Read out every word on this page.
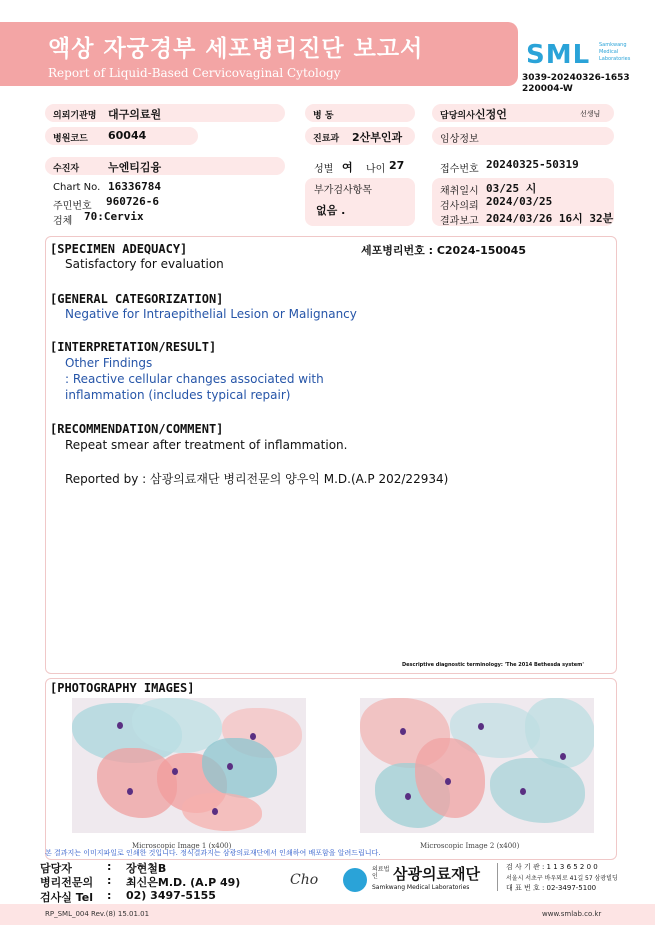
액상 자궁경부 세포병리진단 보고서
Report of Liquid-Based Cervicovaginal Cytology
SML Samkwang Medical Laboratories
3039-20240326-1653 220004-W
의뢰기관명 대구의료원
병원코드 60044
수진자	누엔티김융
Chart No. 16336784
주민번호 960726-6
검체 70:Cervix
병 동
진료과 2산부인과
성별 여 나이 27
부가검사항목
없음 .
담당의사 신정언	선생님
임상정보
접수번호 20240325-50319
채취일시 03/25 시
검사의뢰 2024/03/25
결과보고 2024/03/26 16시 32분
[SPECIMEN ADEQUACY]	세포병리번호 : C2024-150045
Satisfactory for evaluation
[GENERAL CATEGORIZATION]
Negative for Intraepithelial Lesion or Malignancy
[INTERPRETATION/RESULT]
Other Findings
: Reactive cellular changes associated with
inflammation (includes typical repair)
[RECOMMENDATION/COMMENT]
Repeat smear after treatment of inflammation.
Reported by : 삼광의료재단 병리전문의 양우익 M.D.(A.P 202/22934)
Descriptive diagnostic terminology: 'The 2014 Bethesda system'
[PHOTOGRAPHY IMAGES]
Microscopic Image 1 (x400)	Microscopic Image 2 (x400)
본 결과지는 이미지파일로 인쇄한 것입니다. 정식결과지는 삼광의료재단에서 인쇄하여 배포함을 알려드립니다.
담당자	: 장현철B
병리전문의 : 최신은M.D. (A.P 49)
검사실 Tel : 02) 3497-5155
Cho
의료법인	삼광의료재단
Samkwang Medical Laboratories
검 사 기 관 : 1 1 3 6 5 2 0 0
서울시 서초구 바우뫼로 41길 57 삼광빌딩
대 표 번 호 : 02-3497-5100
RP_SML_004 Rev.(8) 15.01.01	www.smlab.co.kr
